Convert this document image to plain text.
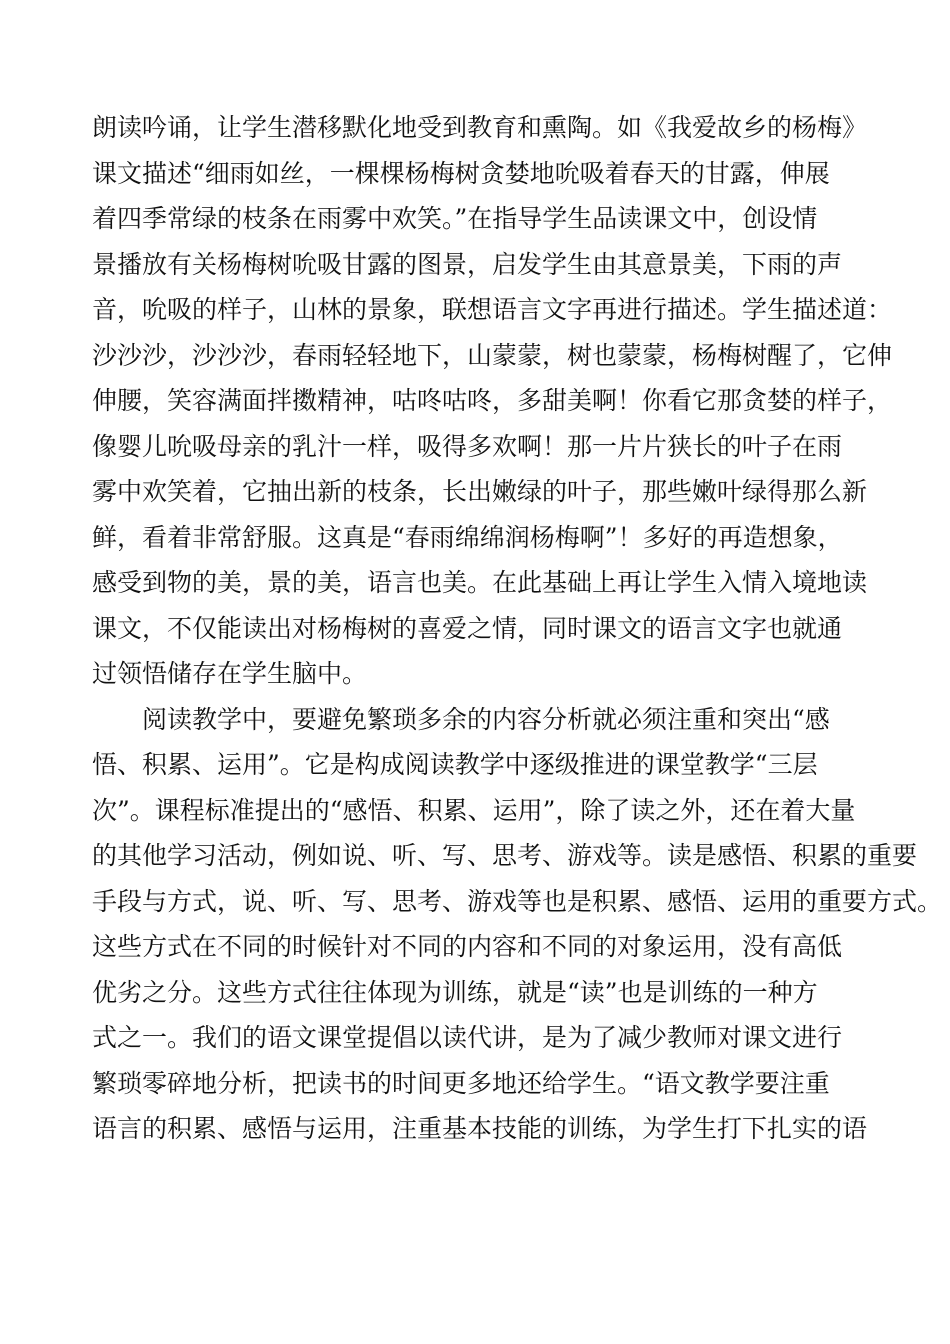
朗读吟诵，让学生潜移默化地受到教育和熏陶。如《我爱故乡的杨梅》
课文描述“细雨如丝，一棵棵杨梅树贪婪地吮吸着春天的甘露，伸展
着四季常绿的枝条在雨雾中欢笑。”在指导学生品读课文中，创设情
景播放有关杨梅树吮吸甘露的图景，启发学生由其意景美，下雨的声
音，吮吸的样子，山林的景象，联想语言文字再进行描述。学生描述道：
沙沙沙，沙沙沙，春雨轻轻地下，山蒙蒙，树也蒙蒙，杨梅树醒了，它伸
伸腰，笑容满面拌擞精神，咕咚咕咚，多甜美啊！你看它那贪婪的样子，
像婴儿吮吸母亲的乳汁一样，吸得多欢啊！那一片片狭长的叶子在雨
雾中欢笑着，它抽出新的枝条，长出嫩绿的叶子，那些嫩叶绿得那么新
鲜，看着非常舒服。这真是“春雨绵绵润杨梅啊”！多好的再造想象，
感受到物的美，景的美，语言也美。在此基础上再让学生入情入境地读
课文，不仅能读出对杨梅树的喜爱之情，同时课文的语言文字也就通
过领悟储存在学生脑中。
阅读教学中，要避免繁琐多余的内容分析就必须注重和突出“感
悟、积累、运用”。它是构成阅读教学中逐级推进的课堂教学“三层
次”。课程标准提出的“感悟、积累、运用”，除了读之外，还在着大量
的其他学习活动，例如说、听、写、思考、游戏等。读是感悟、积累的重要
手段与方式，说、听、写、思考、游戏等也是积累、感悟、运用的重要方式。
这些方式在不同的时候针对不同的内容和不同的对象运用，没有高低
优劣之分。这些方式往往体现为训练，就是“读”也是训练的一种方
式之一。我们的语文课堂提倡以读代讲，是为了减少教师对课文进行
繁琐零碎地分析，把读书的时间更多地还给学生。“语文教学要注重
语言的积累、感悟与运用，注重基本技能的训练，为学生打下扎实的语
